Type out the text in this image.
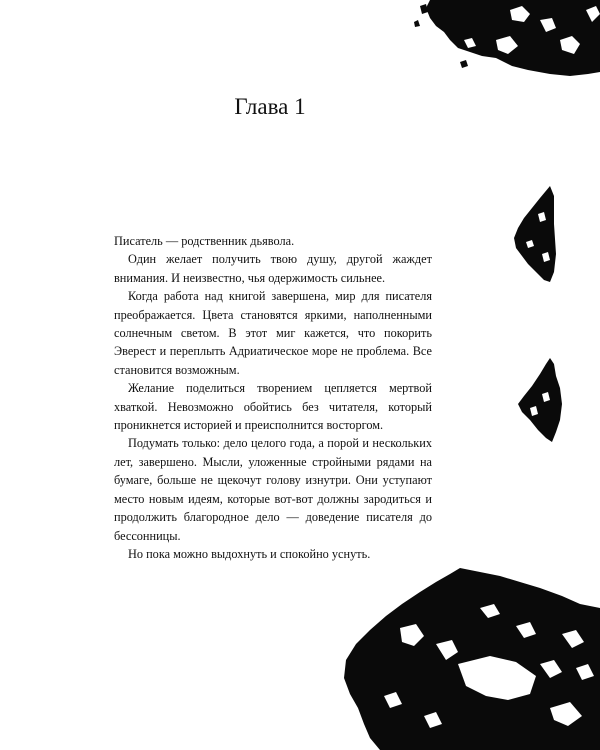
Глава 1

Писатель — родственник дьявола.

Один желает получить твою душу, другой жаждет внимания. И неизвестно, чья одержимость сильнее.

Когда работа над книгой завершена, мир для писателя преображается. Цвета становятся яркими, наполненными солнечным светом. В этот миг кажется, что покорить Эверест и переплыть Адриатическое море не проблема. Все становится возможным.

Желание поделиться творением цепляется мертвой хваткой. Невозможно обойтись без читателя, который проникнется историей и преисполнится восторгом.

Подумать только: дело целого года, а порой и нескольких лет, завершено. Мысли, уложенные стройными рядами на бумаге, больше не щекочут голову изнутри. Они уступают место новым идеям, которые вот-вот должны зародиться и продолжить благородное дело — доведение писателя до бессонницы.

Но пока можно выдохнуть и спокойно уснуть.
